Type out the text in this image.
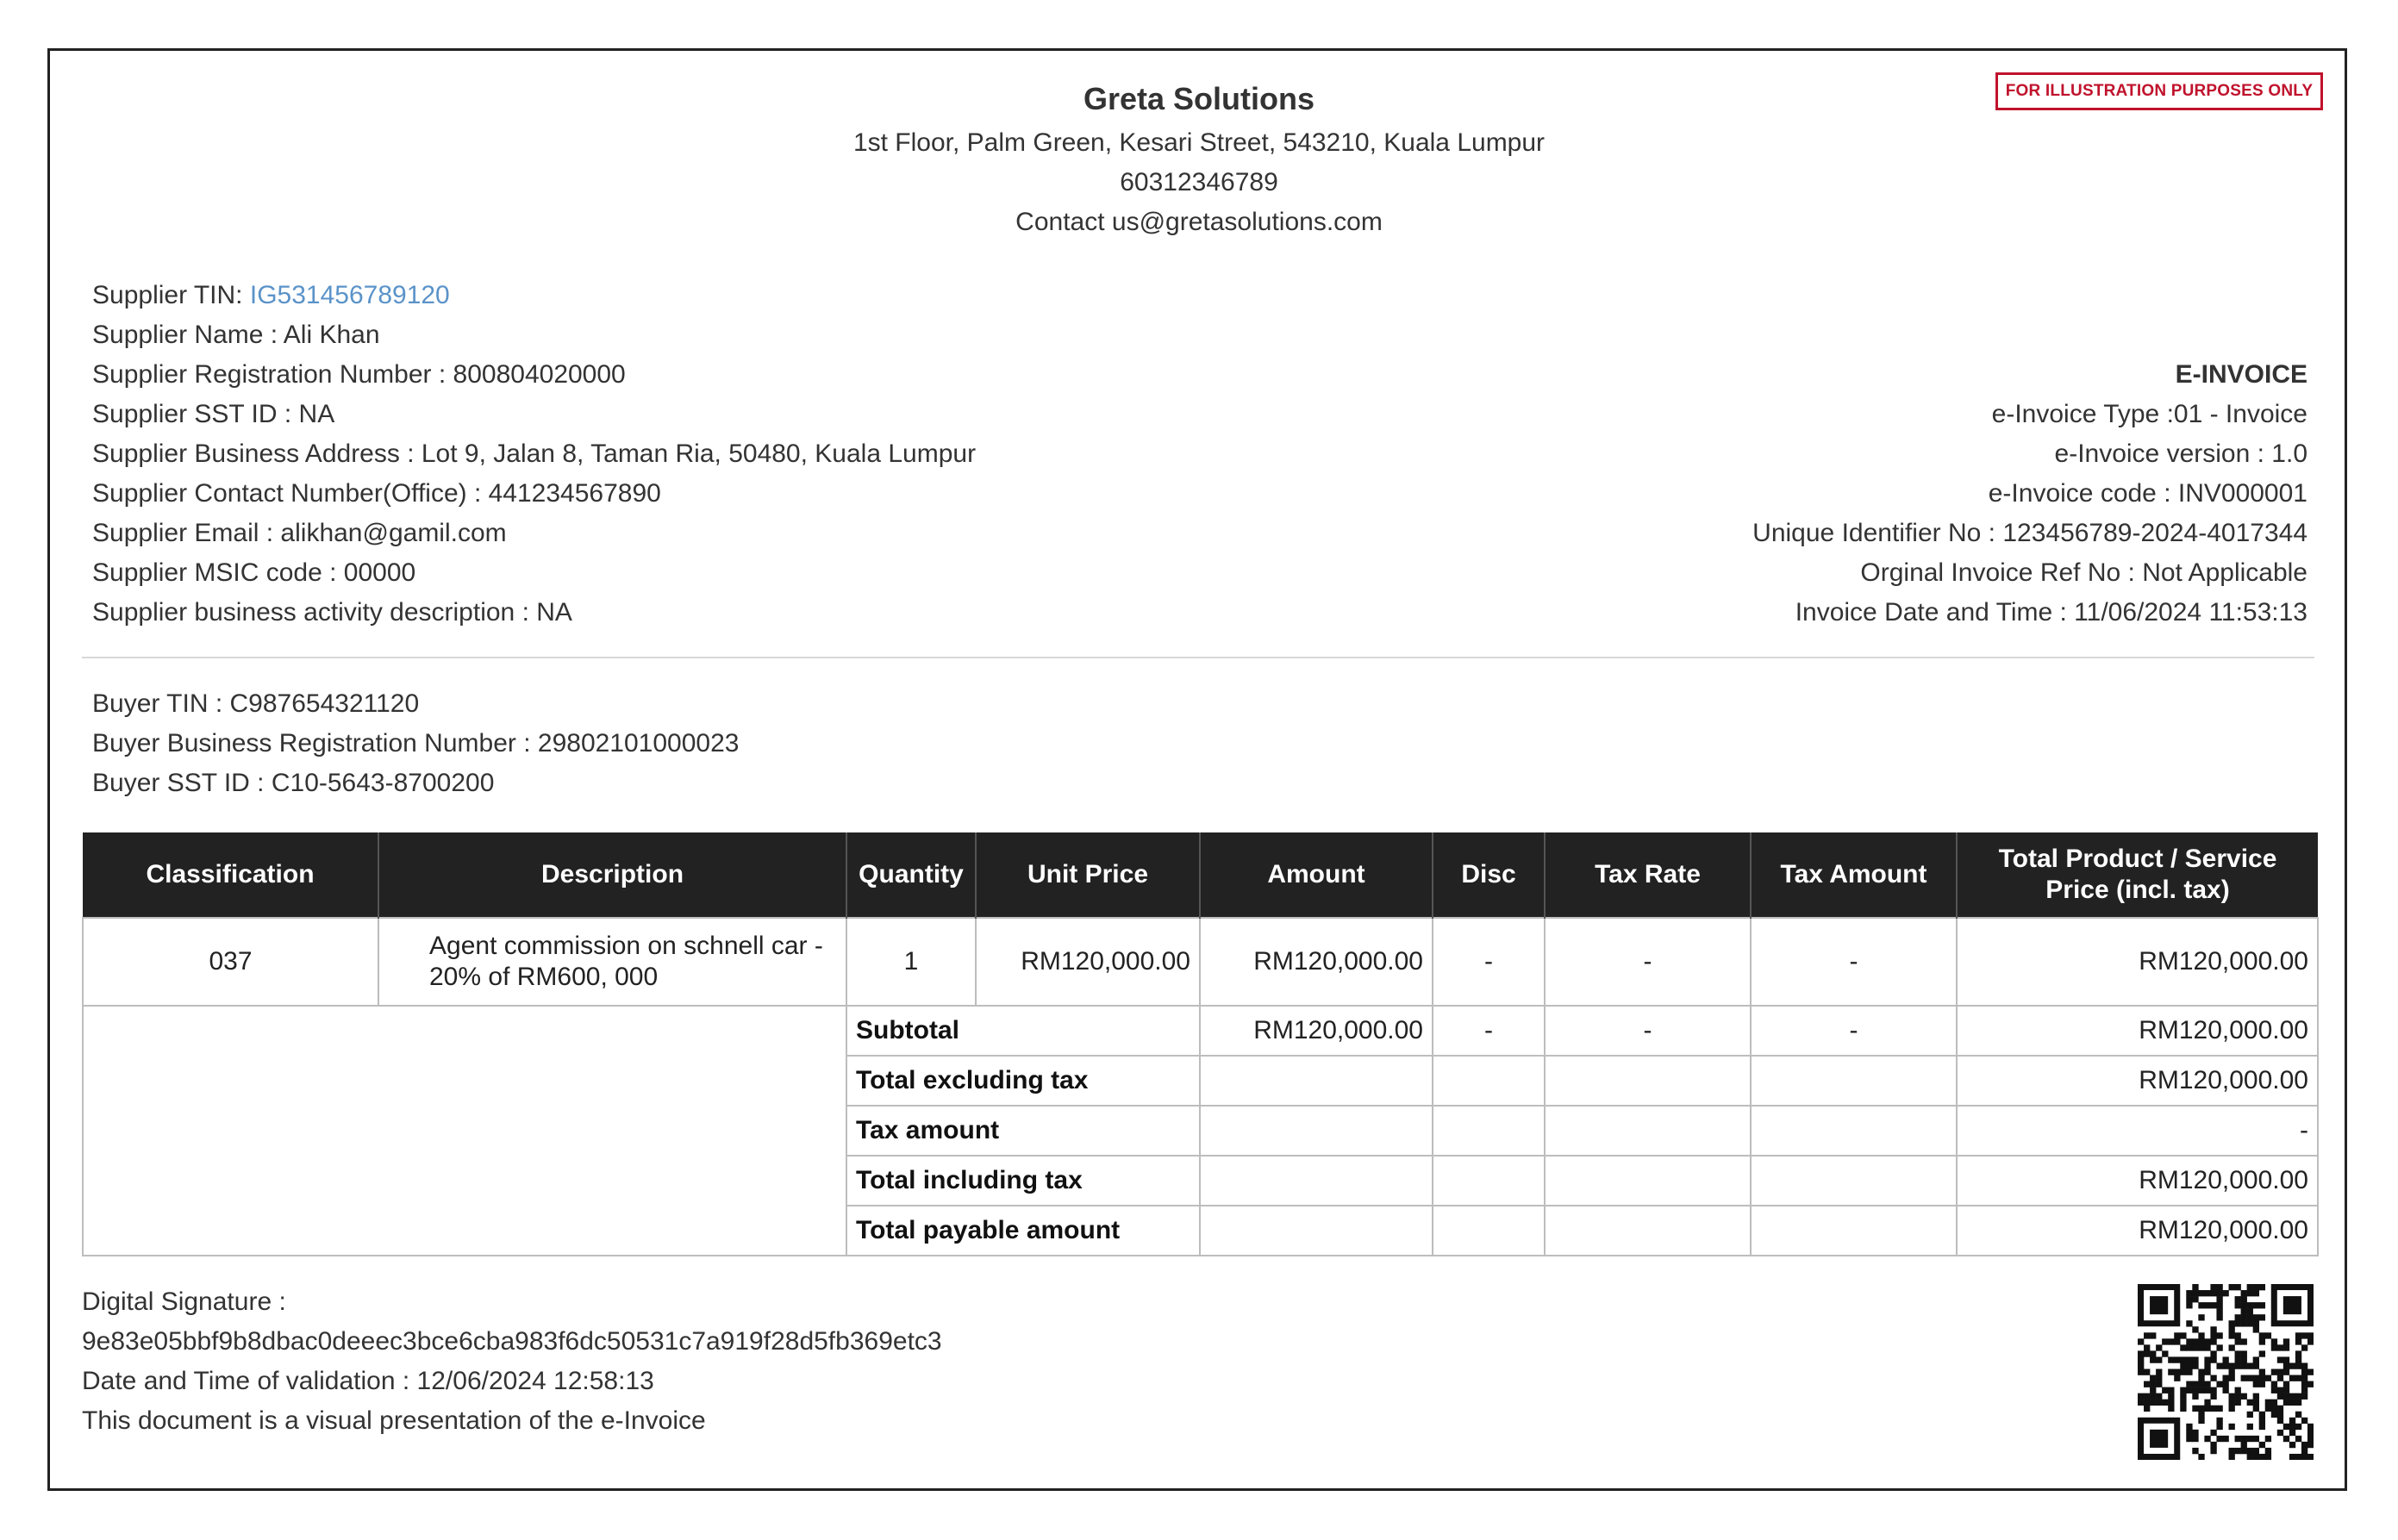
FOR ILLUSTRATION PURPOSES ONLY
Greta Solutions
1st Floor, Palm Green, Kesari Street, 543210, Kuala Lumpur
60312346789
Contact us@gretasolutions.com
Supplier TIN: IG531456789120
Supplier Name : Ali Khan
Supplier Registration Number : 800804020000
Supplier SST ID : NA
Supplier Business Address : Lot 9, Jalan 8, Taman Ria, 50480, Kuala Lumpur
Supplier Contact Number(Office) : 441234567890
Supplier Email : alikhan@gamil.com
Supplier MSIC code : 00000
Supplier business activity description : NA
E-INVOICE
e-Invoice Type :01 - Invoice
e-Invoice version : 1.0
e-Invoice code : INV000001
Unique Identifier No : 123456789-2024-4017344
Orginal Invoice Ref No : Not Applicable
Invoice Date and Time : 11/06/2024 11:53:13
Buyer TIN : C987654321120
Buyer Business Registration Number : 29802101000023
Buyer SST ID : C10-5643-8700200
Classification	Description	Quantity	Unit Price	Amount	Disc	Tax Rate	Tax Amount	Total Product / Service Price (incl. tax)
037	Agent commission on schnell car - 20% of RM600, 000	1	RM120,000.00	RM120,000.00	-	-	-	RM120,000.00
		Subtotal		RM120,000.00	-	-	-	RM120,000.00
		Total excluding tax						RM120,000.00
		Tax amount						-
		Total including tax						RM120,000.00
		Total payable amount						RM120,000.00
Digital Signature :
9e83e05bbf9b8dbac0deeec3bce6cba983f6dc50531c7a919f28d5fb369etc3
Date and Time of validation : 12/06/2024 12:58:13
This document is a visual presentation of the e-Invoice
